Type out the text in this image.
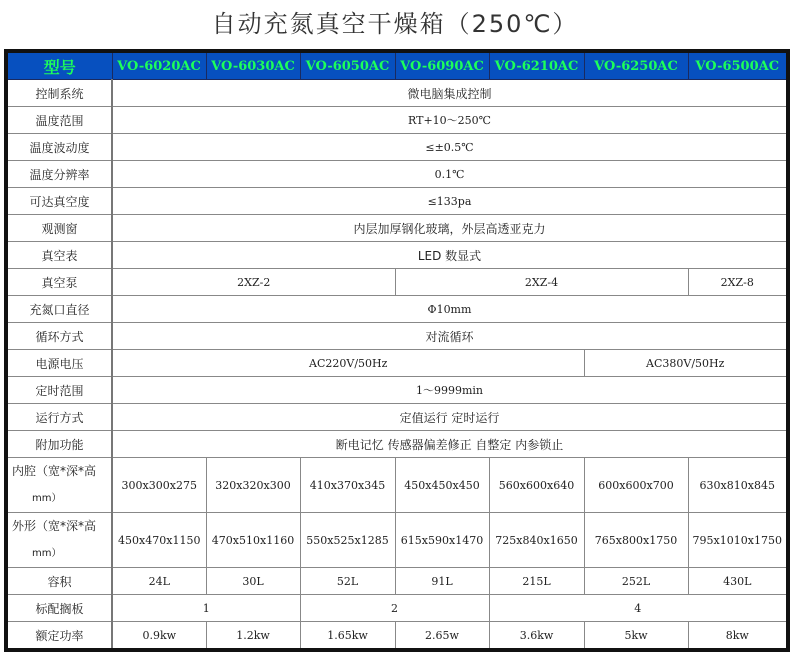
自动充氮真空干燥箱（250℃）
型号	VO-6020AC	VO-6030AC	VO-6050AC	VO-6090AC	VO-6210AC	VO-6250AC	VO-6500AC
控制系统	微电脑集成控制						
温度范围	RT+10～250℃						
温度波动度	≤±0.5℃						
温度分辨率	0.1℃						
可达真空度	≤133pa						
观测窗	内层加厚钢化玻璃，外层高透亚克力						
真空表	LED 数显式						
真空泵	2XZ-2			2XZ-4			2XZ-8
充氮口直径	Φ10mm						
循环方式	对流循环						
电源电压	AC220V/50Hz					AC380V/50Hz	
定时范围	1～9999min						
运行方式	定值运行 定时运行						
附加功能	断电记忆 传感器偏差修正 自整定 内参锁止						
内腔（宽*深*高
mm）	300x300x275	320x320x300	410x370x345	450x450x450	560x600x640	600x600x700	630x810x845
外形（宽*深*高
mm）	450x470x1150	470x510x1160	550x525x1285	615x590x1470	725x840x1650	765x800x1750	795x1010x1750
容积	24L	30L	52L	91L	215L	252L	430L
标配搁板	1		2		4		
额定功率	0.9kw	1.2kw	1.65kw	2.65w	3.6kw	5kw	8kw
